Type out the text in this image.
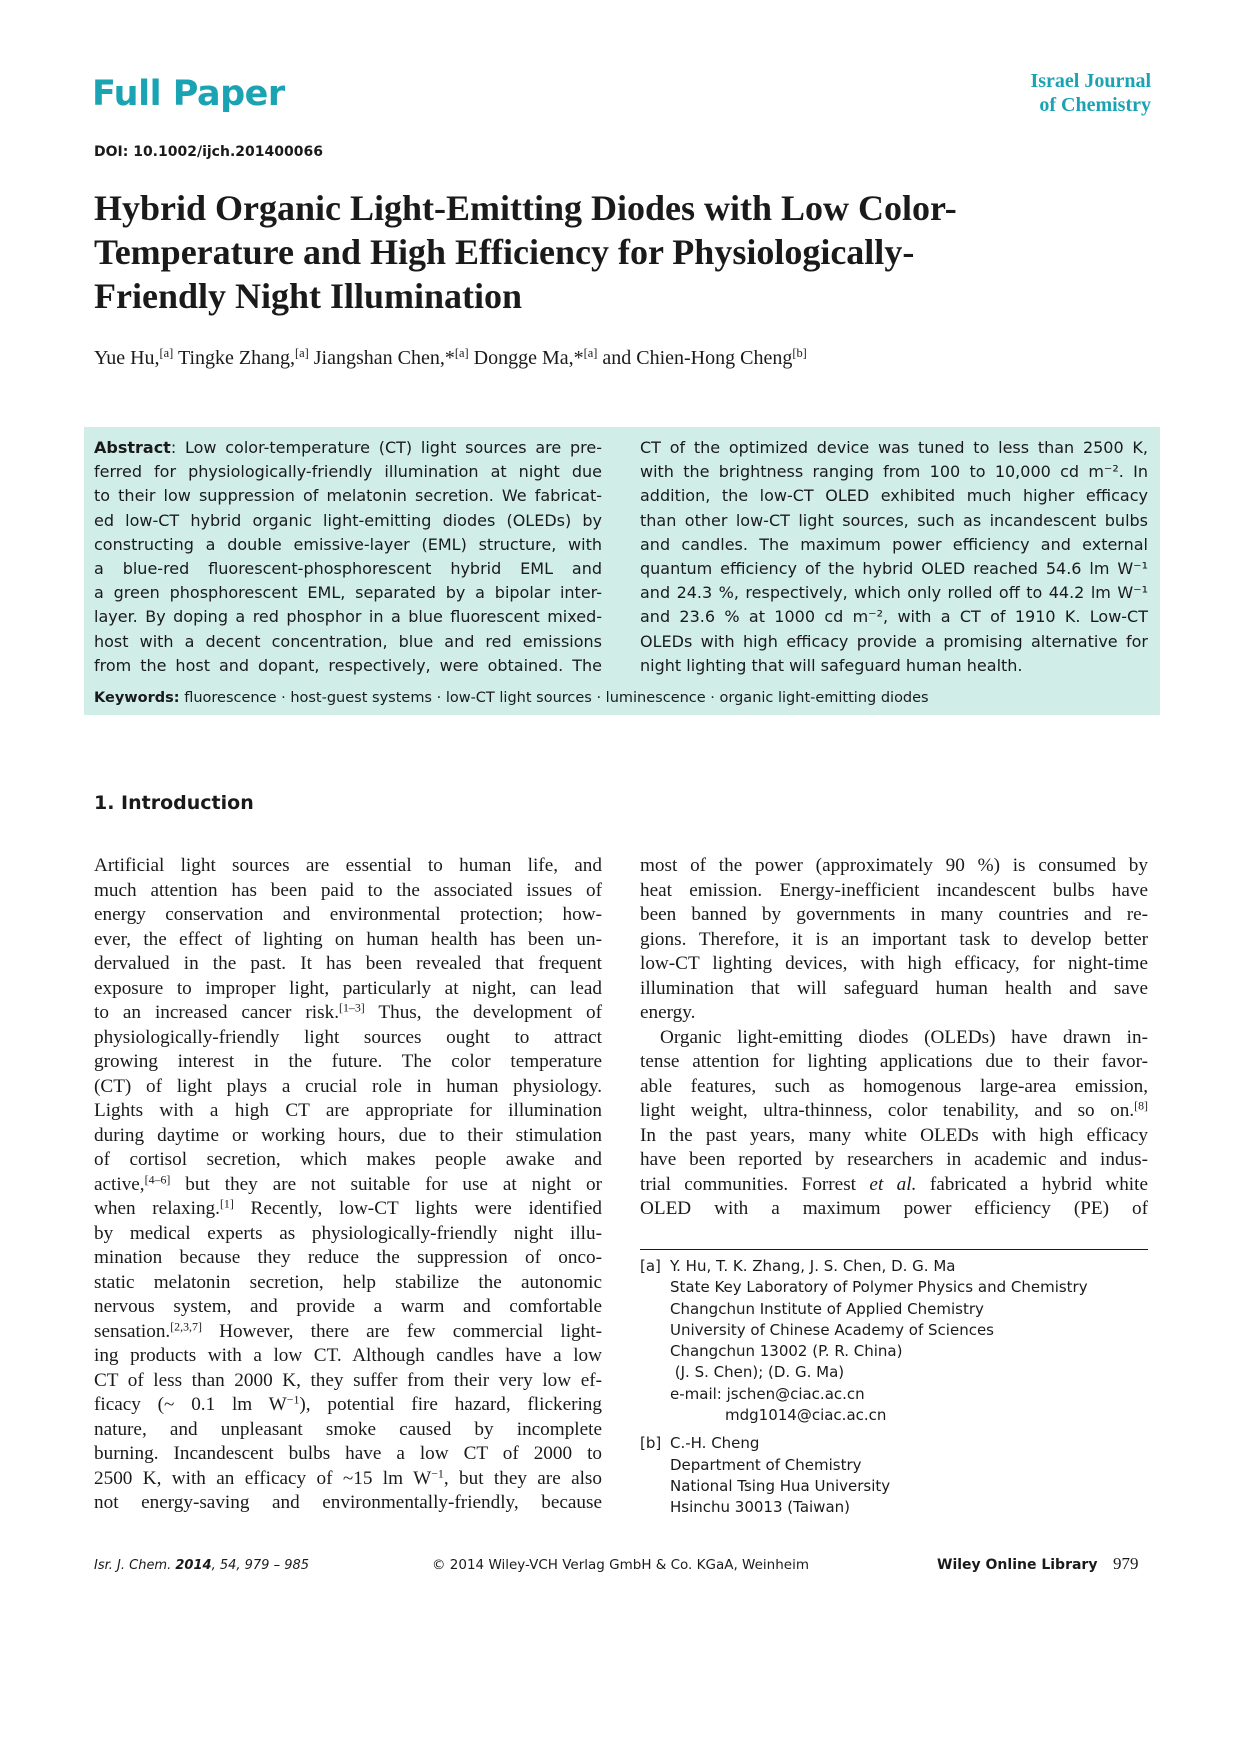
Full Paper	Israel Journal
of Chemistry
DOI: 10.1002/ijch.201400066
Hybrid Organic Light-Emitting Diodes with Low Color-
Temperature and High Efficiency for Physiologically-
Friendly Night Illumination
Yue Hu,[a] Tingke Zhang,[a] Jiangshan Chen,*[a] Dongge Ma,*[a] and Chien-Hong Cheng[b]
Abstract: Low color-temperature (CT) light sources are pre-
ferred for physiologically-friendly illumination at night due
to their low suppression of melatonin secretion. We fabricat-
ed low-CT hybrid organic light-emitting diodes (OLEDs) by
constructing a double emissive-layer (EML) structure, with
a blue-red fluorescent-phosphorescent hybrid EML and
a green phosphorescent EML, separated by a bipolar inter-
layer. By doping a red phosphor in a blue fluorescent mixed-
host with a decent concentration, blue and red emissions
from the host and dopant, respectively, were obtained. The
CT of the optimized device was tuned to less than 2500 K,
with the brightness ranging from 100 to 10,000 cd m⁻². In
addition, the low-CT OLED exhibited much higher efficacy
than other low-CT light sources, such as incandescent bulbs
and candles. The maximum power efficiency and external
quantum efficiency of the hybrid OLED reached 54.6 lm W⁻¹
and 24.3 %, respectively, which only rolled off to 44.2 lm W⁻¹
and 23.6 % at 1000 cd m⁻², with a CT of 1910 K. Low-CT
OLEDs with high efficacy provide a promising alternative for
night lighting that will safeguard human health.
Keywords: fluorescence · host-guest systems · low-CT light sources · luminescence · organic light-emitting diodes
1. Introduction
Artificial light sources are essential to human life, and
much attention has been paid to the associated issues of
energy conservation and environmental protection; how-
ever, the effect of lighting on human health has been un-
dervalued in the past. It has been revealed that frequent
exposure to improper light, particularly at night, can lead
to an increased cancer risk.[1–3] Thus, the development of
physiologically-friendly light sources ought to attract
growing interest in the future. The color temperature
(CT) of light plays a crucial role in human physiology.
Lights with a high CT are appropriate for illumination
during daytime or working hours, due to their stimulation
of cortisol secretion, which makes people awake and
active,[4–6] but they are not suitable for use at night or
when relaxing.[1] Recently, low-CT lights were identified
by medical experts as physiologically-friendly night illu-
mination because they reduce the suppression of onco-
static melatonin secretion, help stabilize the autonomic
nervous system, and provide a warm and comfortable
sensation.[2,3,7] However, there are few commercial light-
ing products with a low CT. Although candles have a low
CT of less than 2000 K, they suffer from their very low ef-
ficacy (~ 0.1 lm $W^{-1}$), potential fire hazard, flickering
nature, and unpleasant smoke caused by incomplete
burning. Incandescent bulbs have a low CT of 2000 to
2500 K, with an efficacy of ~15 lm $W^{-1}$, but they are also
not energy-saving and environmentally-friendly, because
most of the power (approximately 90 %) is consumed by
heat emission. Energy-inefficient incandescent bulbs have
been banned by governments in many countries and re-
gions. Therefore, it is an important task to develop better
low-CT lighting devices, with high efficacy, for night-time
illumination that will safeguard human health and save
energy.
Organic light-emitting diodes (OLEDs) have drawn in-
tense attention for lighting applications due to their favor-
able features, such as homogenous large-area emission,
light weight, ultra-thinness, color tenability, and so on.[8]
In the past years, many white OLEDs with high efficacy
have been reported by researchers in academic and indus-
trial communities. Forrest et al. fabricated a hybrid white
OLED with a maximum power efficiency (PE) of
[a] Y. Hu, T. K. Zhang, J. S. Chen, D. G. Ma
State Key Laboratory of Polymer Physics and Chemistry
Changchun Institute of Applied Chemistry
University of Chinese Academy of Sciences
Changchun 13002 (P. R. China)
(J. S. Chen); (D. G. Ma)
e-mail: jschen@ciac.ac.cn
mdg1014@ciac.ac.cn
[b] C.-H. Cheng
Department of Chemistry
National Tsing Hua University
Hsinchu 30013 (Taiwan)
Isr. J. Chem. 2014, 54, 979 – 985	© 2014 Wiley-VCH Verlag GmbH & Co. KGaA, Weinheim	Wiley Online Library 979
